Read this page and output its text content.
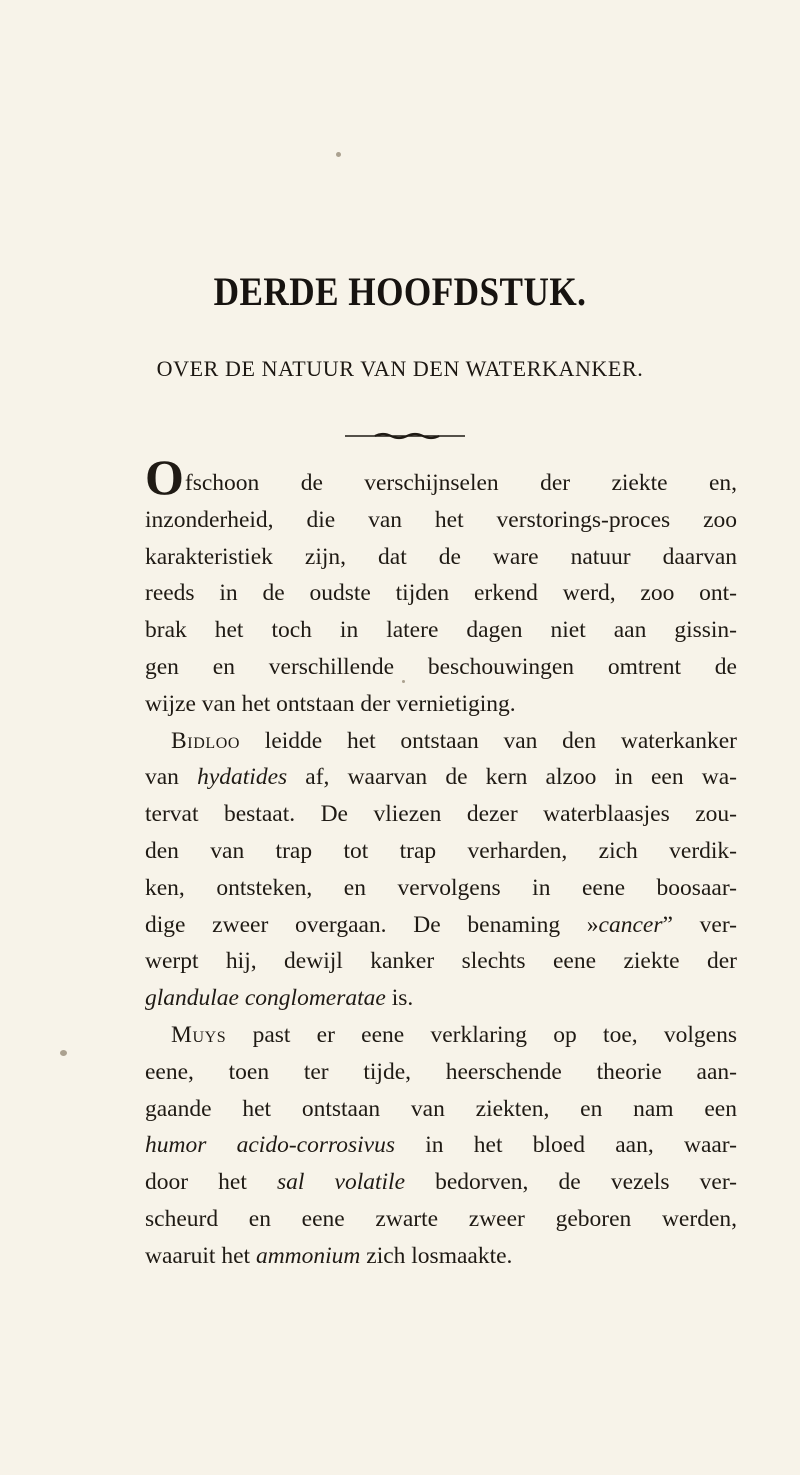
DERDE HOOFDSTUK.
OVER DE NATUUR VAN DEN WATERKANKER.
Ofschoon de verschijnselen der ziekte en,
inzonderheid, die van het verstorings-proces zoo
karakteristiek zijn, dat de ware natuur daarvan
reeds in de oudste tijden erkend werd, zoo ont-
brak het toch in latere dagen niet aan gissin-
gen en verschillende beschouwingen omtrent de
wijze van het ontstaan der vernietiging.
Bidloo leidde het ontstaan van den waterkanker
van hydatides af, waarvan de kern alzoo in een wa-
tervat bestaat. De vliezen dezer waterblaasjes zou-
den van trap tot trap verharden, zich verdik-
ken, ontsteken, en vervolgens in eene boosaar-
dige zweer overgaan. De benaming »cancer” ver-
werpt hij, dewijl kanker slechts eene ziekte der
glandulae conglomeratae is.
Muys past er eene verklaring op toe, volgens
eene, toen ter tijde, heerschende theorie aan-
gaande het ontstaan van ziekten, en nam een
humor acido-corrosivus in het bloed aan, waar-
door het sal volatile bedorven, de vezels ver-
scheurd en eene zwarte zweer geboren werden,
waaruit het ammonium zich losmaakte.
